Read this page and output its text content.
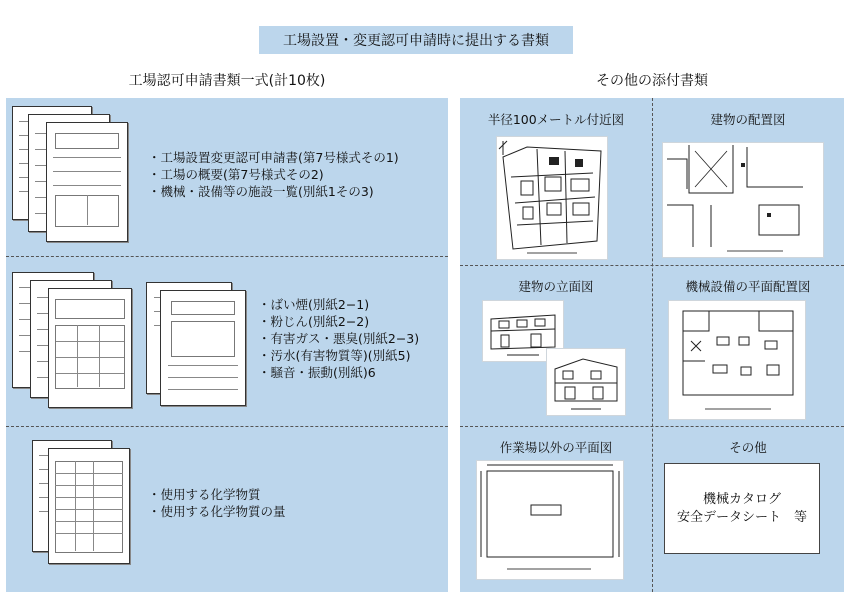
工場設置・変更認可申請時に提出する書類
工場認可申請書類一式(計10枚)	その他の添付書類
・工場設置変更認可申請書(第7号様式その1)
・工場の概要(第7号様式その2)
・機械・設備等の施設一覧(別紙1その3)
・ばい煙(別紙2−1)
・粉じん(別紙2−2)
・有害ガス・悪臭(別紙2−3)
・汚水(有害物質等)(別紙5)
・騒音・振動(別紙)6
・使用する化学物質
・使用する化学物質の量
半径100メートル付近図	建物の配置図
建物の立面図	機械設備の平面配置図
作業場以外の平面図	その他
機械カタログ
安全データシート　等
